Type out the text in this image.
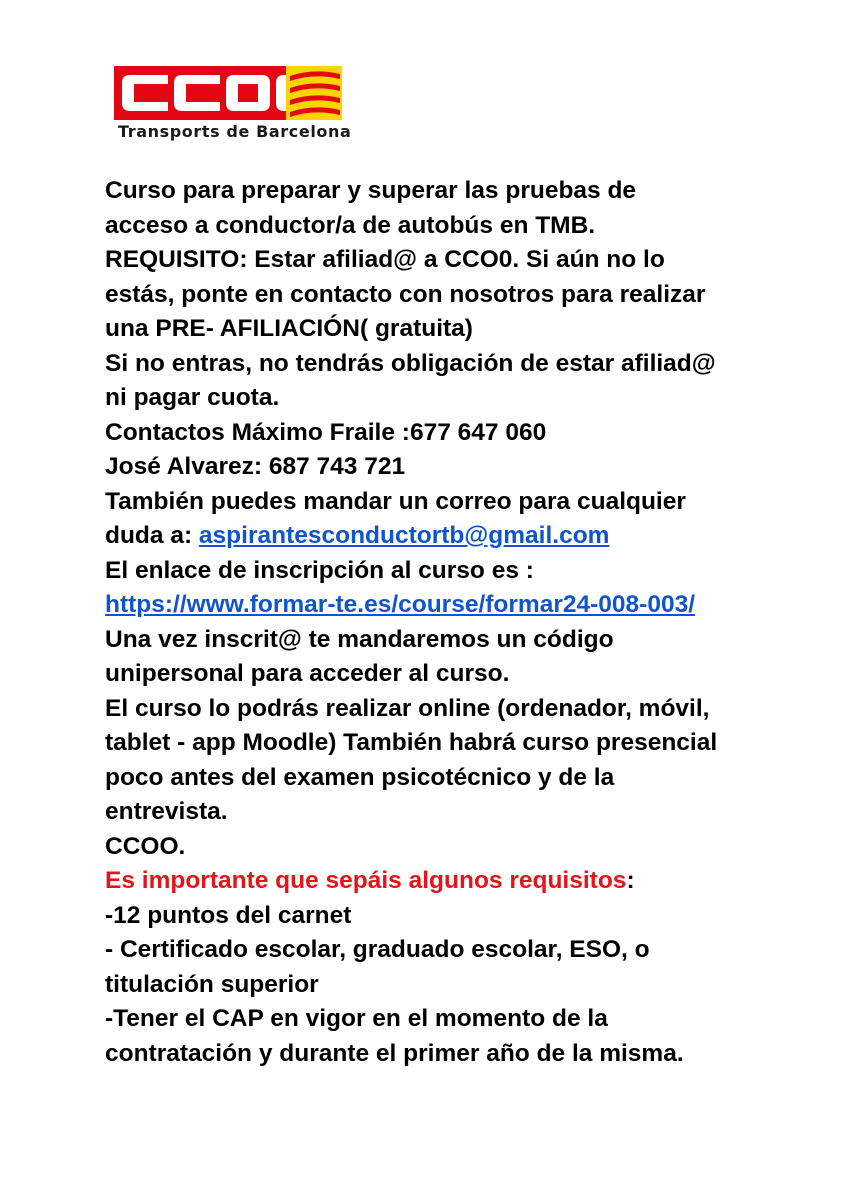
Transports de Barcelona
Curso para preparar y superar las pruebas de
acceso a conductor/a de autobús en TMB.
REQUISITO: Estar afiliad@ a CCO0. Si aún no lo
estás, ponte en contacto con nosotros para realizar
una PRE- AFILIACIÓN( gratuita)
Si no entras, no tendrás obligación de estar afiliad@
ni pagar cuota.
Contactos Máximo Fraile :677 647 060
José Alvarez: 687 743 721
También puedes mandar un correo para cualquier
duda a: aspirantesconductortb@gmail.com
El enlace de inscripción al curso es :
https://www.formar-te.es/course/formar24-008-003/
Una vez inscrit@ te mandaremos un código
unipersonal para acceder al curso.
El curso lo podrás realizar online (ordenador, móvil,
tablet - app Moodle) También habrá curso presencial
poco antes del examen psicotécnico y de la
entrevista.
CCOO.
Es importante que sepáis algunos requisitos:
-12 puntos del carnet
- Certificado escolar, graduado escolar, ESO, o
titulación superior
-Tener el CAP en vigor en el momento de la
contratación y durante el primer año de la misma.
